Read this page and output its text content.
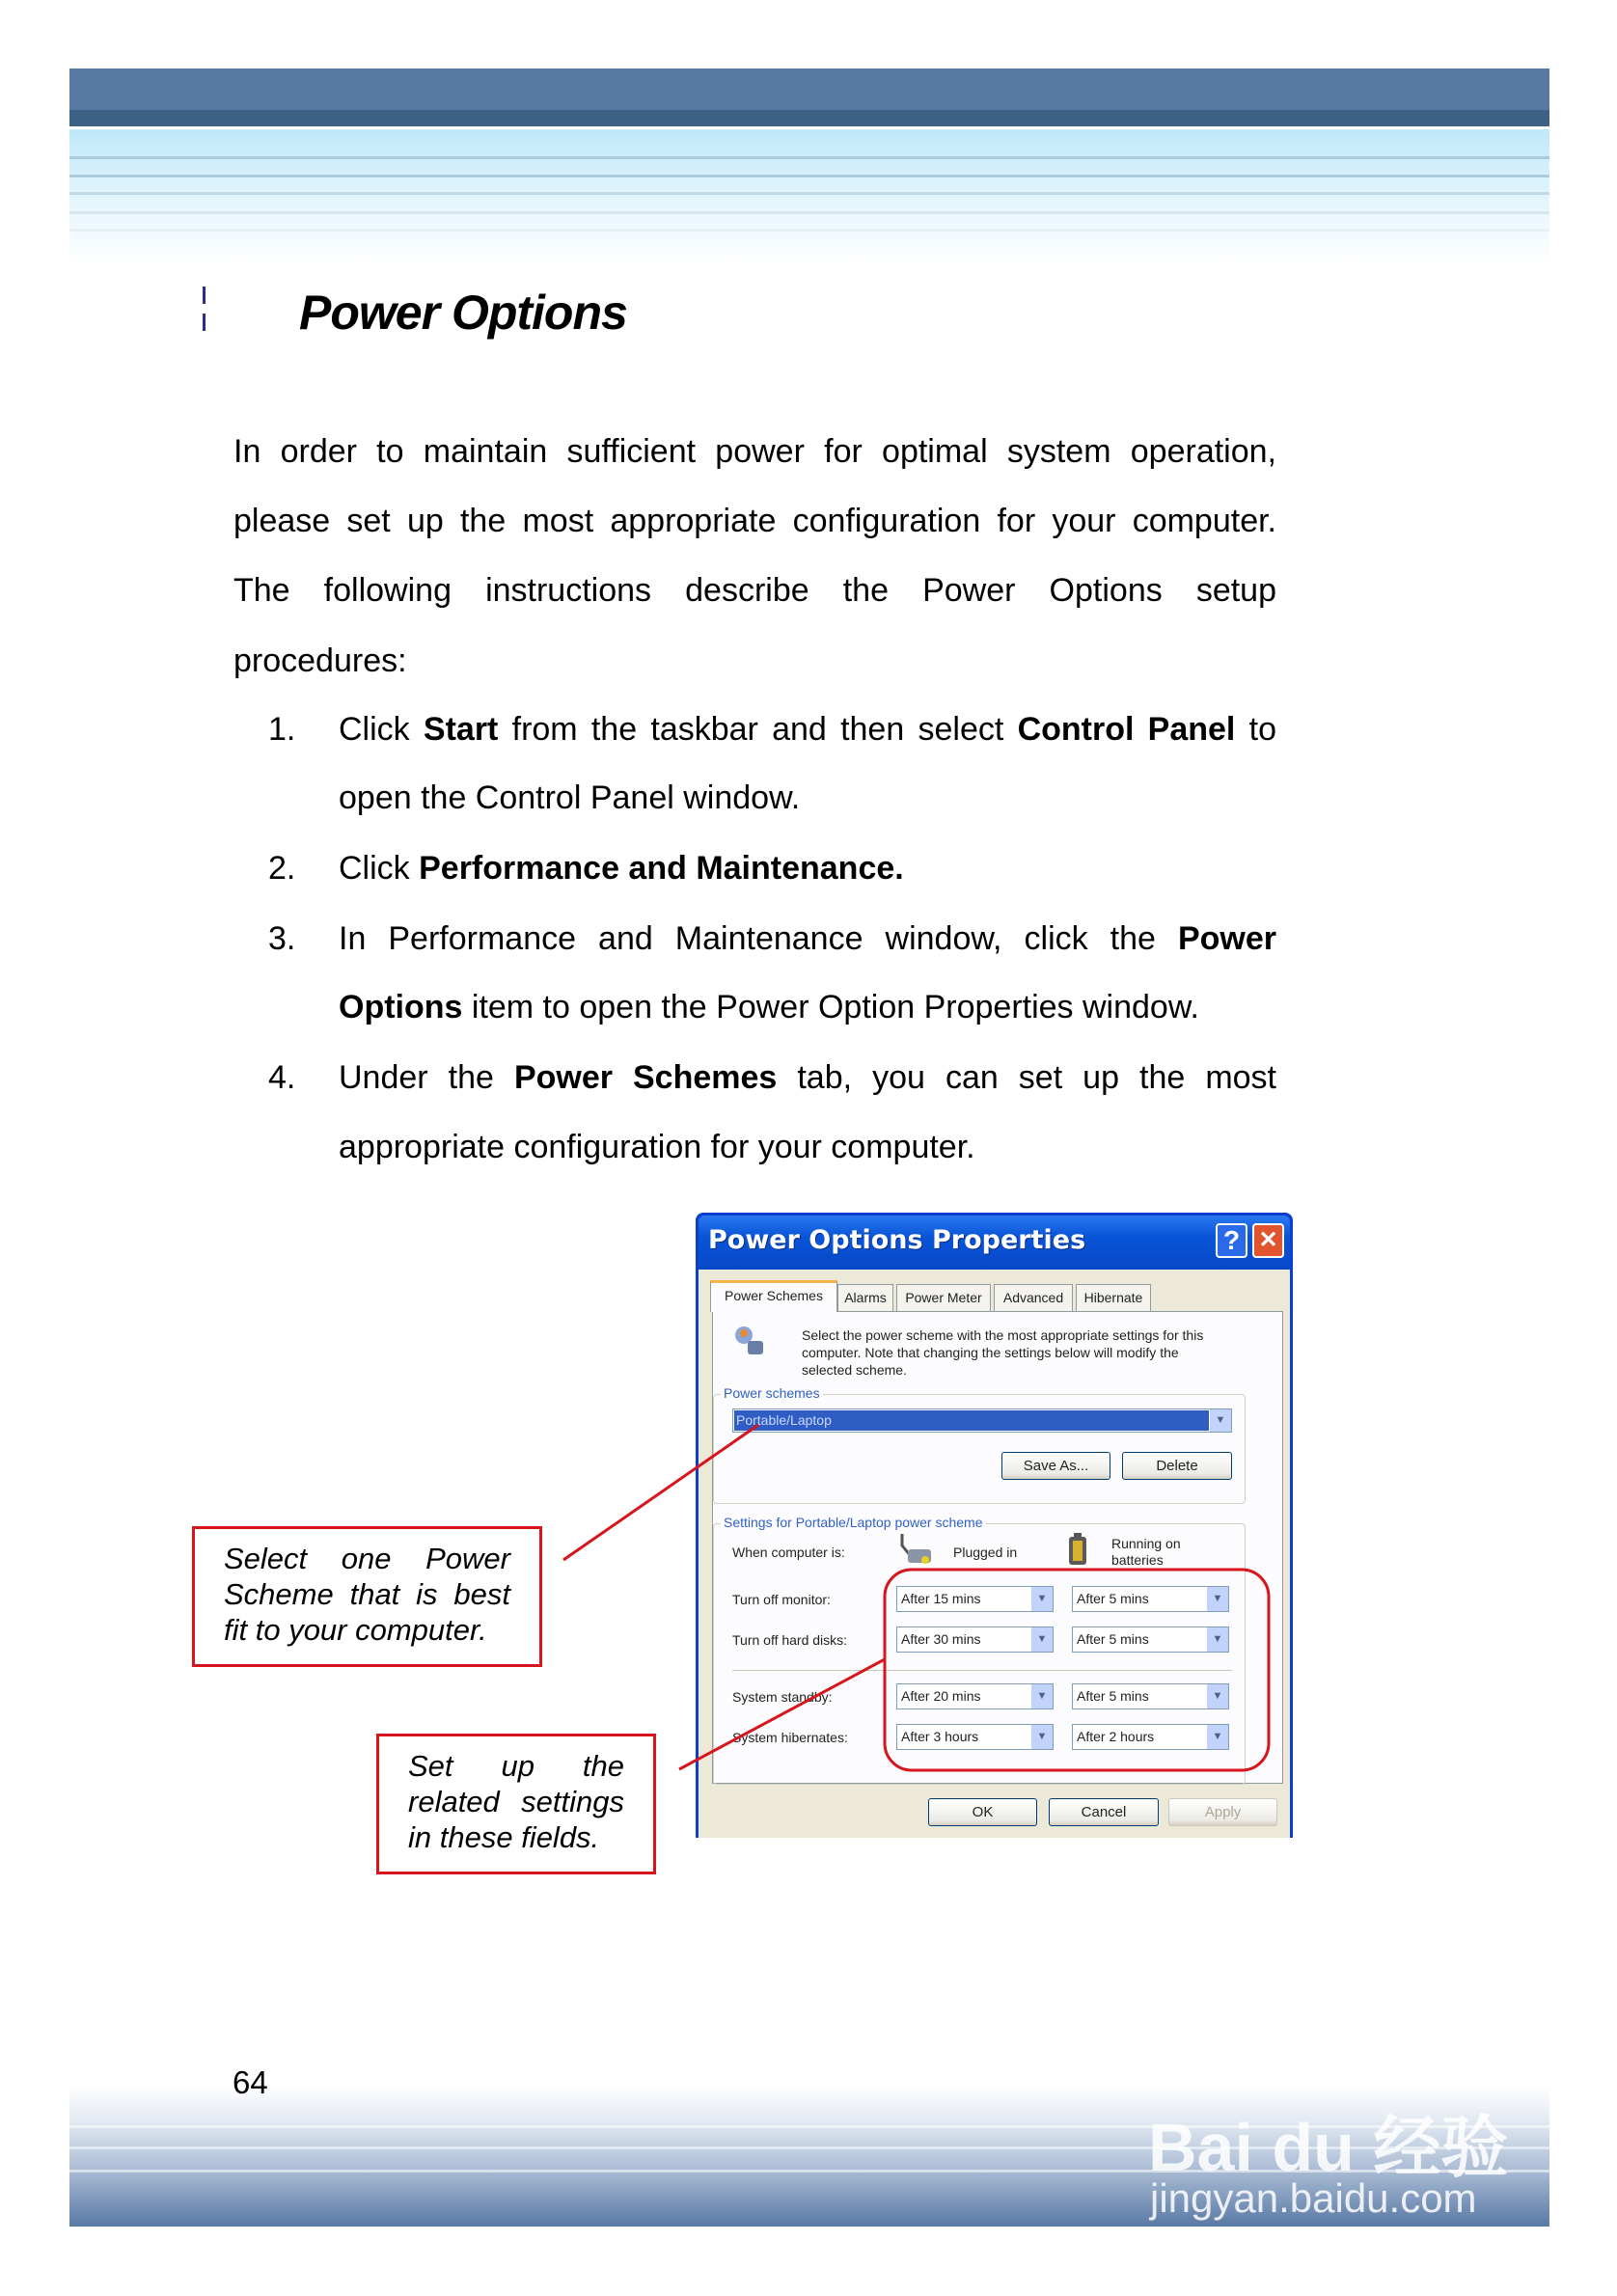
Power Options
In order to maintain sufficient power for optimal system operation,
please set up the most appropriate configuration for your computer.
The following instructions describe the Power Options setup
procedures:
1. Click Start from the taskbar and then select Control Panel to
open the Control Panel window.
2. Click Performance and Maintenance.
3. In Performance and Maintenance window, click the Power
Options item to open the Power Option Properties window.
4. Under the Power Schemes tab, you can set up the most
appropriate configuration for your computer.
Power Options Properties	? ✕
Power Schemes	Alarms	Power Meter	Advanced	Hibernate
Select the power scheme with the most appropriate settings for this
computer. Note that changing the settings below will modify the
selected scheme.
Power schemes
Portable/Laptop	▼
Save As...	Delete
Settings for Portable/Laptop power scheme
When computer is:	Plugged in
Running on
batteries
Turn off monitor:	After 15 mins	▼	After 5 mins	▼
Turn off hard disks:	After 30 mins	▼	After 5 mins	▼
System standby:	After 20 mins	▼	After 5 mins	▼
System hibernates:	After 3 hours	▼	After 2 hours	▼
OK	Cancel	Apply
Select one Power
Scheme that is best
fit to your computer.
Set up the
related settings
in these fields.
64
Bai du 经验
jingyan.baidu.com
